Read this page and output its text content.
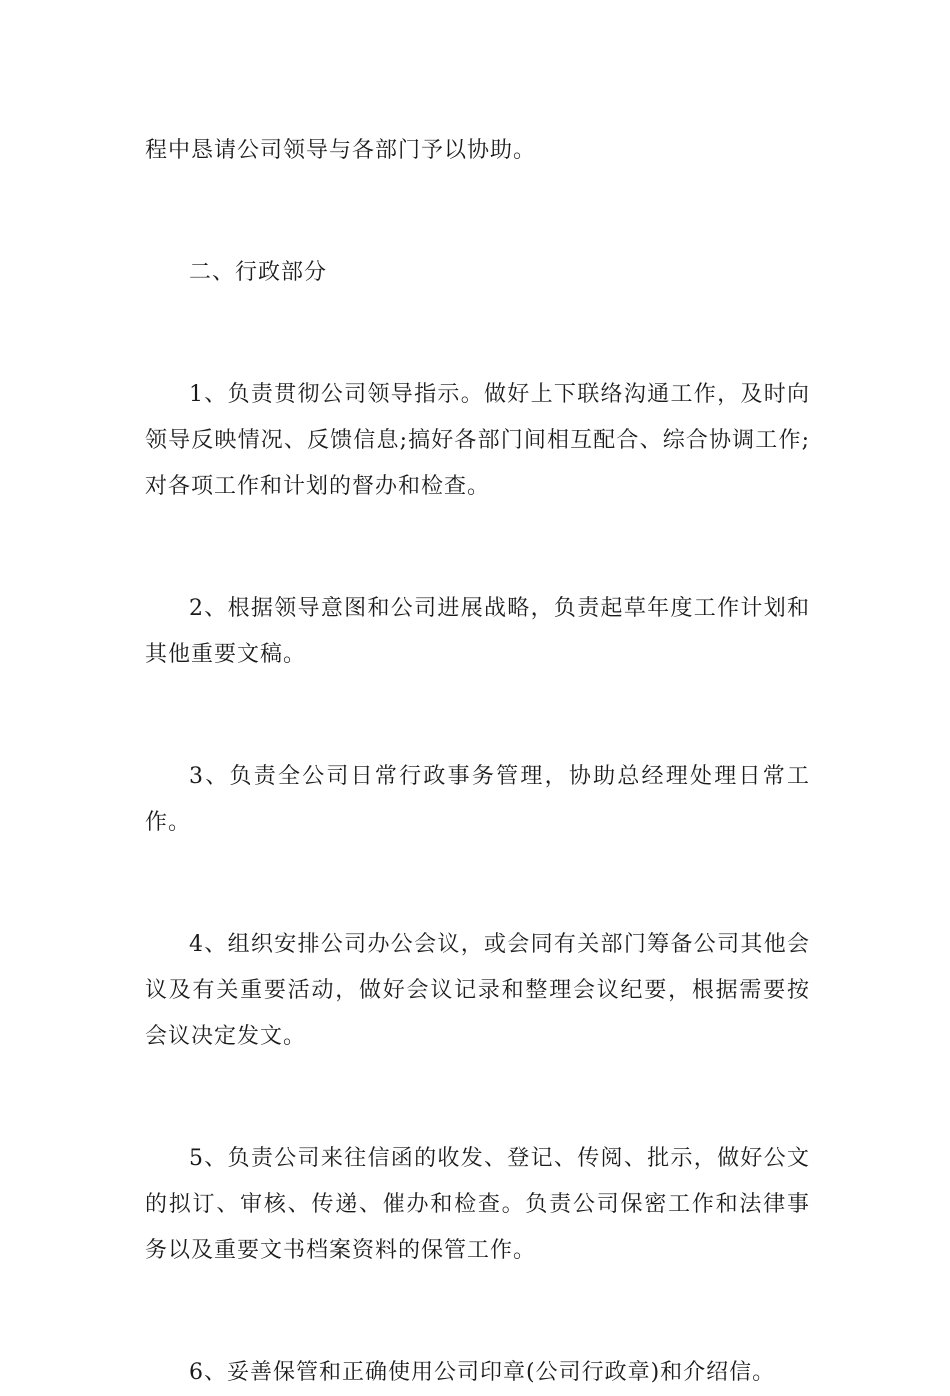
程中恳请公司领导与各部门予以协助。

二、行政部分

1、负责贯彻公司领导指示。做好上下联络沟通工作，及时向领导反映情况、反馈信息;搞好各部门间相互配合、综合协调工作;对各项工作和计划的督办和检查。

2、根据领导意图和公司进展战略，负责起草年度工作计划和其他重要文稿。

3、负责全公司日常行政事务管理，协助总经理处理日常工作。

4、组织安排公司办公会议，或会同有关部门筹备公司其他会议及有关重要活动，做好会议记录和整理会议纪要，根据需要按会议决定发文。

5、负责公司来往信函的收发、登记、传阅、批示，做好公文的拟订、审核、传递、催办和检查。负责公司保密工作和法律事务以及重要文书档案资料的保管工作。

6、妥善保管和正确使用公司印章(公司行政章)和介绍信。
